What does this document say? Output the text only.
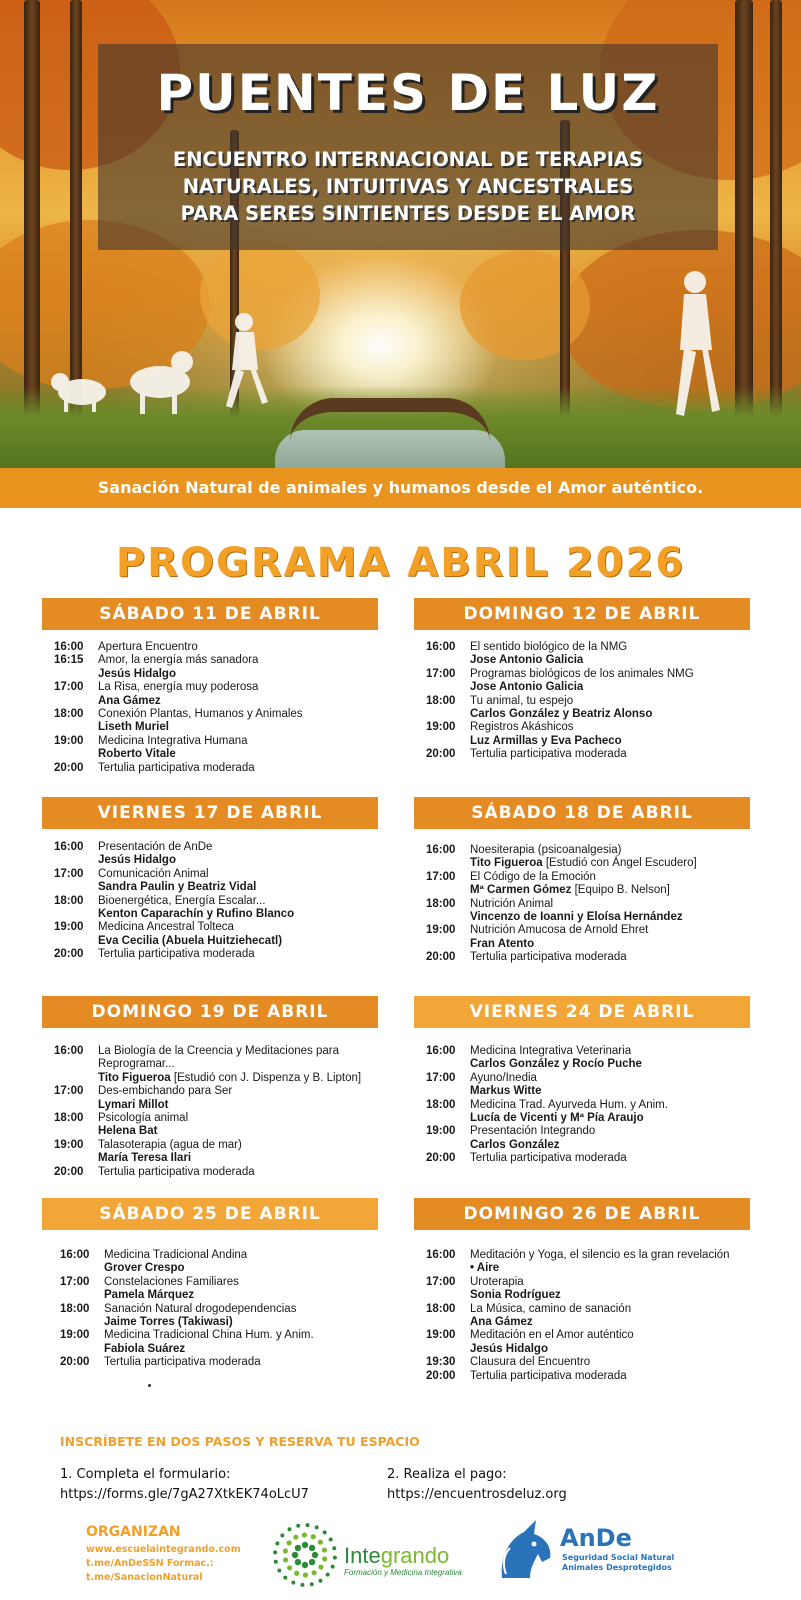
PUENTES DE LUZ
ENCUENTRO INTERNACIONAL DE TERAPIAS
NATURALES, INTUITIVAS Y ANCESTRALES
PARA SERES SINTIENTES DESDE EL AMOR
Sanación Natural de animales y humanos desde el Amor auténtico.
PROGRAMA ABRIL 2026
SÁBADO 11 DE ABRIL
16:00	Apertura Encuentro
16:15	Amor, la energía más sanadora
Jesús Hidalgo
17:00	La Risa, energía muy poderosa
Ana Gámez
18:00	Conexión Plantas, Humanos y Animales
Liseth Muriel
19:00	Medicina Integrativa Humana
Roberto Vitale
20:00	Tertulia participativa moderada
DOMINGO 12 DE ABRIL
16:00	El sentido biológico de la NMG
Jose Antonio Galicia
17:00	Programas biológicos de los animales NMG
Jose Antonio Galicia
18:00	Tu animal, tu espejo
Carlos González y Beatriz Alonso
19:00	Registros Akáshicos
Luz Armillas y Eva Pacheco
20:00	Tertulia participativa moderada
VIERNES 17 DE ABRIL
16:00	Presentación de AnDe
Jesús Hidalgo
17:00	Comunicación Animal
Sandra Paulin y Beatriz Vidal
18:00	Bioenergética, Energía Escalar...
Kenton Caparachín y Rufino Blanco
19:00	Medicina Ancestral Tolteca
Eva Cecilia (Abuela Huitziehecatl)
20:00	Tertulia participativa moderada
SÁBADO 18 DE ABRIL
16:00	Noesiterapia (psicoanalgesia)
Tito Figueroa [Estudió con Ángel Escudero]
17:00	El Código de la Emoción
Mª Carmen Gómez [Equipo B. Nelson]
18:00	Nutrición Animal
Vincenzo de Ioanni y Eloísa Hernández
19:00	Nutrición Amucosa de Arnold Ehret
Fran Atento
20:00	Tertulia participativa moderada
DOMINGO 19 DE ABRIL
16:00	La Biología de la Creencia y Meditaciones para Reprogramar...
Tito Figueroa [Estudió con J. Dispenza y B. Lipton]
17:00	Des-embichando para Ser
Lymari Millot
18:00	Psicología animal
Helena Bat
19:00	Talasoterapia (agua de mar)
María Teresa Ilari
20:00	Tertulia participativa moderada
VIERNES 24 DE ABRIL
16:00	Medicina Integrativa Veterinaria
Carlos González y Rocío Puche
17:00	Ayuno/Inedia
Markus Witte
18:00	Medicina Trad. Ayurveda Hum. y Anim.
Lucía de Vicenti y Mª Pía Araujo
19:00	Presentación Integrando
Carlos González
20:00	Tertulia participativa moderada
SÁBADO 25 DE ABRIL
16:00	Medicina Tradicional Andina
Grover Crespo
17:00	Constelaciones Familiares
Pamela Márquez
18:00	Sanación Natural drogodependencias
Jaime Torres (Takiwasi)
19:00	Medicina Tradicional China Hum. y Anim.
Fabiola Suárez
20:00	Tertulia participativa moderada
DOMINGO 26 DE ABRIL
16:00	Meditación y Yoga, el silencio es la gran revelación
• Aire
17:00	Uroterapia
Sonia Rodríguez
18:00	La Música, camino de sanación
Ana Gámez
19:00	Meditación en el Amor auténtico
Jesús Hidalgo
19:30	Clausura del Encuentro
20:00	Tertulia participativa moderada
INSCRÍBETE EN DOS PASOS Y RESERVA TU ESPACIO
1. Completa el formulario:
https://forms.gle/7gA27XtkEK74oLcU7
2. Realiza el pago:
https://encuentrosdeluz.org
ORGANIZAN
www.escuelaintegrando.com
t.me/AnDeSSN Formac.:
t.me/SanacionNatural
Integrando
Formación y Medicina Integrativa
AnDe
Seguridad Social Natural
Animales Desprotegidos
